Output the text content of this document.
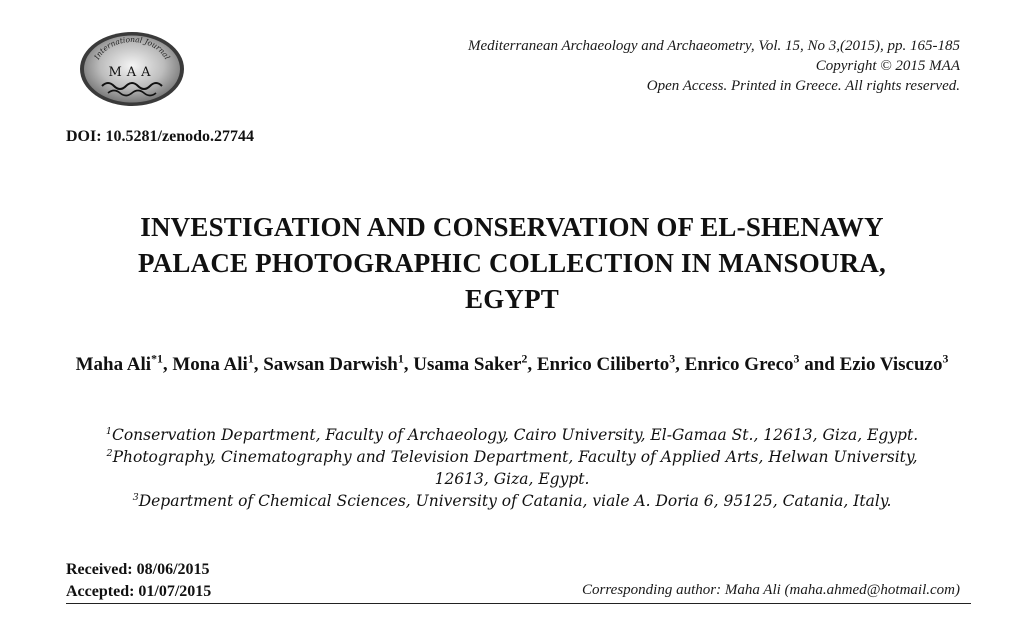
International Journal
MAA
Mediterranean Archaeology and Archaeometry, Vol. 15, No 3,(2015), pp. 165-185
Copyright © 2015 MAA
Open Access. Printed in Greece. All rights reserved.
DOI: 10.5281/zenodo.27744
INVESTIGATION AND CONSERVATION OF EL-SHENAWY
PALACE PHOTOGRAPHIC COLLECTION IN MANSOURA,
EGYPT
Maha Ali$^{*1}$, Mona Ali$^1$, Sawsan Darwish$^1$, Usama Saker$^2$, Enrico Ciliberto$^3$, Enrico Greco$^3$ and Ezio Viscuzo$^3$
$^1$Conservation Department, Faculty of Archaeology, Cairo University, El-Gamaa St., 12613, Giza, Egypt.
$^2$Photography, Cinematography and Television Department, Faculty of Applied Arts, Helwan University,
12613, Giza, Egypt.
$^3$Department of Chemical Sciences, University of Catania, viale A. Doria 6, 95125, Catania, Italy.
Received: 08/06/2015
Accepted: 01/07/2015	Corresponding author: Maha Ali (maha.ahmed@hotmail.com)
